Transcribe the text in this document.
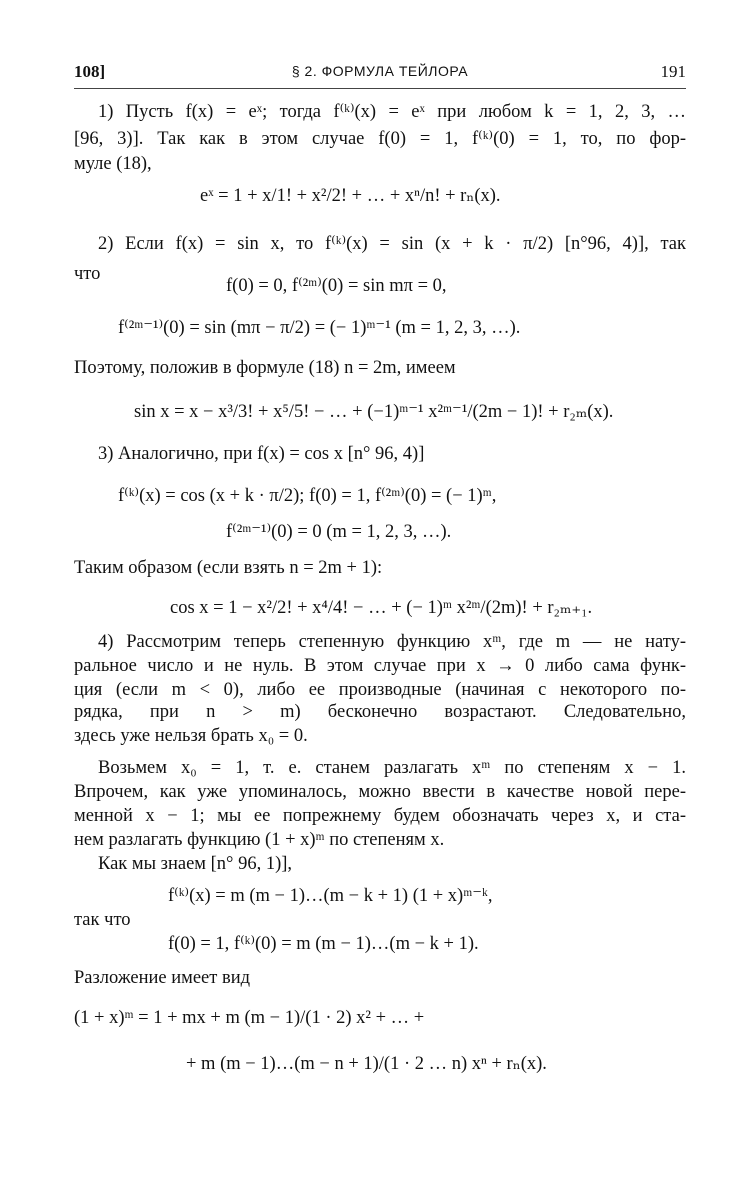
108]	§ 2. ФОРМУЛА ТЕЙЛОРА	191
1) Пусть f(x) = eˣ; тогда f⁽ᵏ⁾(x) = eˣ при любом k = 1, 2, 3, …
[96, 3)]. Так как в этом случае f(0) = 1, f⁽ᵏ⁾(0) = 1, то, по фор-
муле (18),
eˣ = 1 + x/1! + x²/2! + … + xⁿ/n! + rₙ(x).
2) Если f(x) = sin x, то f⁽ᵏ⁾(x) = sin (x + k · π/2) [n°96, 4)], так
что
f(0) = 0, f⁽²ᵐ⁾(0) = sin mπ = 0,
f⁽²ᵐ⁻¹⁾(0) = sin (mπ − π/2) = (− 1)ᵐ⁻¹ (m = 1, 2, 3, …).
Поэтому, положив в формуле (18) n = 2m, имеем
sin x = x − x³/3! + x⁵/5! − … + (−1)ᵐ⁻¹ x²ᵐ⁻¹/(2m − 1)! + r₂ₘ(x).
3) Аналогично, при f(x) = cos x [n° 96, 4)]
f⁽ᵏ⁾(x) = cos (x + k · π/2); f(0) = 1, f⁽²ᵐ⁾(0) = (− 1)ᵐ,
f⁽²ᵐ⁻¹⁾(0) = 0 (m = 1, 2, 3, …).
Таким образом (если взять n = 2m + 1):
cos x = 1 − x²/2! + x⁴/4! − … + (− 1)ᵐ x²ᵐ/(2m)! + r₂ₘ₊₁.
4) Рассмотрим теперь степенную функцию xᵐ, где m — не нату-
ральное число и не нуль. В этом случае при x → 0 либо сама функ-
ция (если m < 0), либо ее производные (начиная с некоторого по-
рядка, при n > m) бесконечно возрастают. Следовательно,
здесь уже нельзя брать x₀ = 0.
Возьмем x₀ = 1, т. е. станем разлагать xᵐ по степеням x − 1.
Впрочем, как уже упоминалось, можно ввести в качестве новой пере-
менной x − 1; мы ее попрежнему будем обозначать через x, и ста-
нем разлагать функцию (1 + x)ᵐ по степеням x.
Как мы знаем [n° 96, 1)],
f⁽ᵏ⁾(x) = m (m − 1)…(m − k + 1) (1 + x)ᵐ⁻ᵏ,
так что
f(0) = 1, f⁽ᵏ⁾(0) = m (m − 1)…(m − k + 1).
Разложение имеет вид
(1 + x)ᵐ = 1 + mx + m (m − 1)/(1 · 2) x² + … +
+ m (m − 1)…(m − n + 1)/(1 · 2 … n) xⁿ + rₙ(x).
